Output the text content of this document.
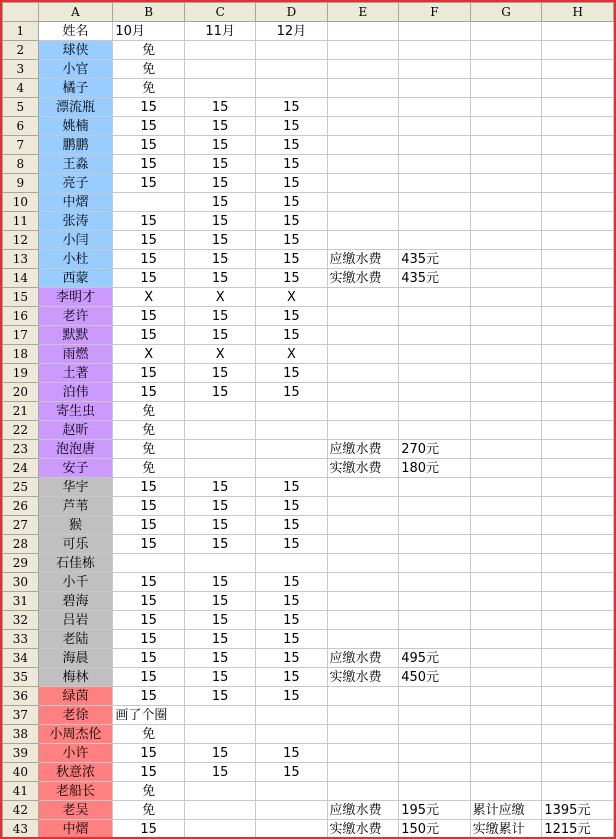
	A	B	C	D	E	F	G	H
1	姓名	10月	11月	12月				
2	球侠	免						
3	小官	免						
4	橘子	免						
5	漂流瓶	15	15	15				
6	姚楠	15	15	15				
7	鹏鹏	15	15	15				
8	王淼	15	15	15				
9	亮子	15	15	15				
10	中熠		15	15				
11	张涛	15	15	15				
12	小闫	15	15	15				
13	小杜	15	15	15	应缴水费	435元		
14	西蒙	15	15	15	实缴水费	435元		
15	李明才	X	X	X				
16	老许	15	15	15				
17	默默	15	15	15				
18	雨燃	X	X	X				
19	土著	15	15	15				
20	泊伟	15	15	15				
21	寄生虫	免						
22	赵昕	免						
23	泡泡唐	免			应缴水费	270元		
24	安子	免			实缴水费	180元		
25	华宇	15	15	15				
26	芦苇	15	15	15				
27	猴	15	15	15				
28	可乐	15	15	15				
29	石佳栋							
30	小千	15	15	15				
31	碧海	15	15	15				
32	吕岩	15	15	15				
33	老陆	15	15	15				
34	海晨	15	15	15	应缴水费	495元		
35	梅林	15	15	15	实缴水费	450元		
36	绿茵	15	15	15				
37	老徐	画了个圈						
38	小周杰伦	免						
39	小许	15	15	15				
40	秋意浓	15	15	15				
41	老船长	免						
42	老吴	免			应缴水费	195元	累计应缴	1395元
43	中熠	15			实缴水费	150元	实缴累计	1215元
